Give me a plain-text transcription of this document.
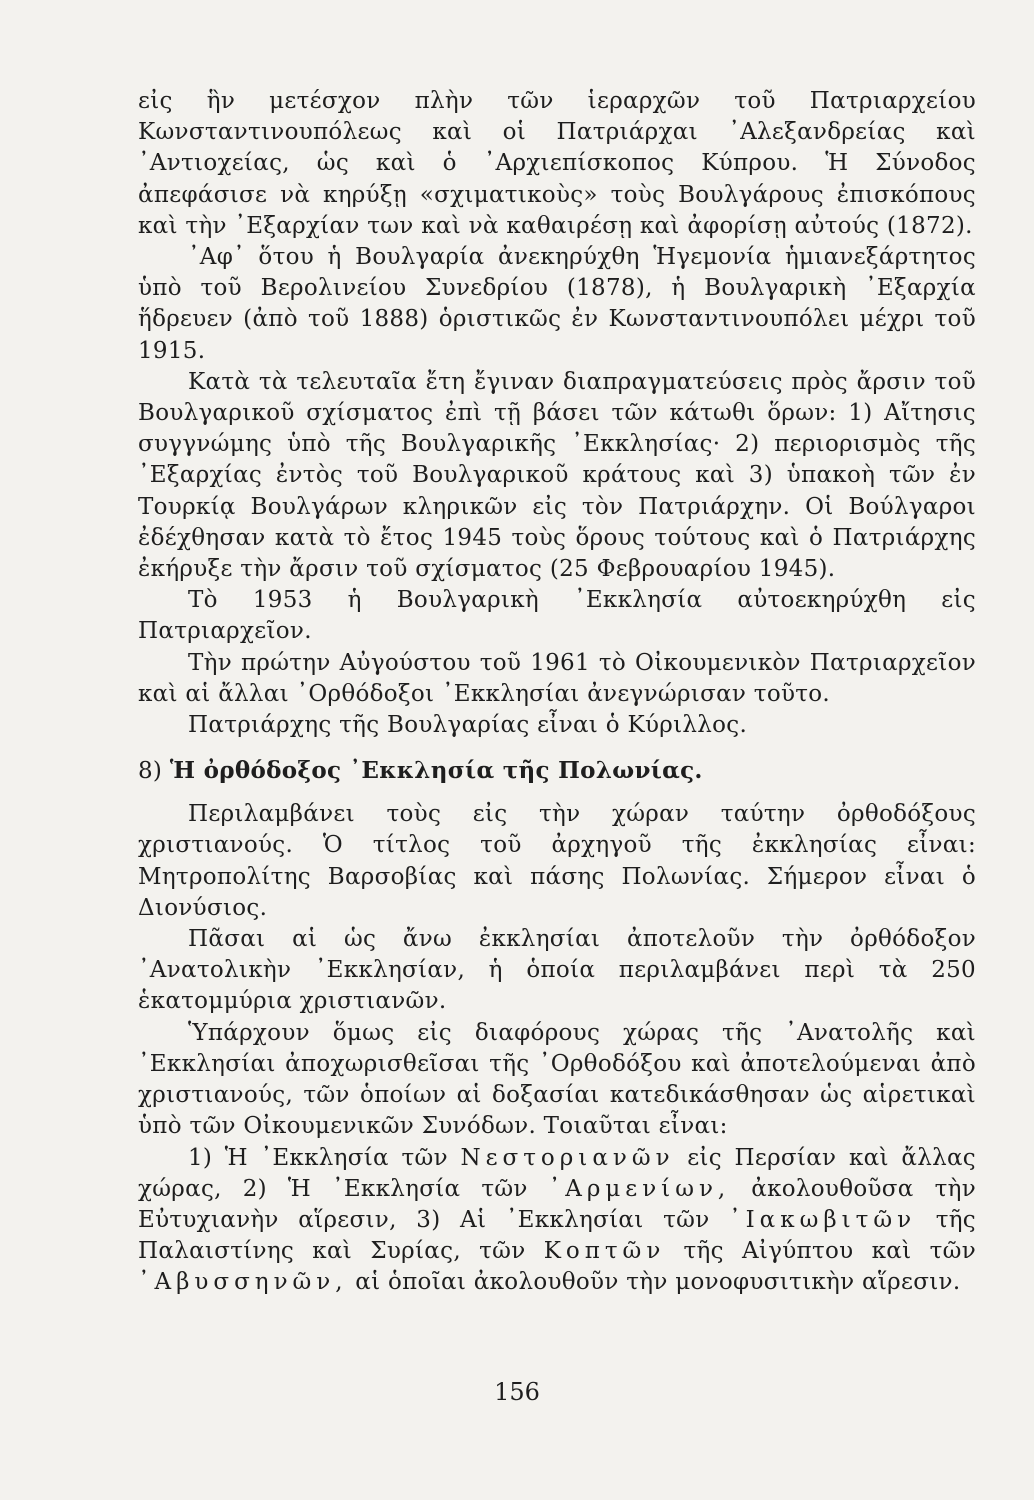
εἰς ἣν μετέσχον πλὴν τῶν ἱεραρχῶν τοῦ Πατριαρχείου Κωνσταντινουπόλεως καὶ οἱ Πατριάρχαι ᾿Αλεξανδρείας καὶ ᾿Αντιοχείας, ὡς καὶ ὁ ᾿Αρχιεπίσκοπος Κύπρου. Ἡ Σύνοδος ἀπεφάσισε νὰ κηρύξῃ «σχιματικοὺς» τοὺς Βουλγάρους ἐπισκόπους καὶ τὴν ᾿Εξαρχίαν των καὶ νὰ καθαιρέσῃ καὶ ἀφορίσῃ αὐτούς (1872).

᾿Αφ᾿ ὅτου ἡ Βουλγαρία ἀνεκηρύχθη Ἡγεμονία ἡμιανεξάρτητος ὑπὸ τοῦ Βερολινείου Συνεδρίου (1878), ἡ Βουλγαρικὴ ᾿Εξαρχία ἥδρευεν (ἀπὸ τοῦ 1888) ὁριστικῶς ἐν Κωνσταντινουπόλει μέχρι τοῦ 1915.

Κατὰ τὰ τελευταῖα ἔτη ἔγιναν διαπραγματεύσεις πρὸς ἄρσιν τοῦ Βουλγαρικοῦ σχίσματος ἐπὶ τῇ βάσει τῶν κάτωθι ὅρων: 1) Αἴτησις συγγνώμης ὑπὸ τῆς Βουλγαρικῆς ᾿Εκκλησίας· 2) περιορισμὸς τῆς ᾿Εξαρχίας ἐντὸς τοῦ Βουλγαρικοῦ κράτους καὶ 3) ὑπακοὴ τῶν ἐν Τουρκίᾳ Βουλγάρων κληρικῶν εἰς τὸν Πατριάρχην. Οἱ Βούλγαροι ἐδέχθησαν κατὰ τὸ ἔτος 1945 τοὺς ὅρους τούτους καὶ ὁ Πατριάρχης ἐκήρυξε τὴν ἄρσιν τοῦ σχίσματος (25 Φεβρουαρίου 1945).

Τὸ 1953 ἡ Βουλγαρικὴ ᾿Εκκλησία αὐτοεκηρύχθη εἰς Πατριαρχεῖον.

Τὴν πρώτην Αὐγούστου τοῦ 1961 τὸ Οἰκουμενικὸν Πατριαρχεῖον καὶ αἱ ἄλλαι ᾿Ορθόδοξοι ᾿Εκκλησίαι ἀνεγνώρισαν τοῦτο.

Πατριάρχης τῆς Βουλγαρίας εἶναι ὁ Κύριλλος.

8) Ἡ ὀρθόδοξος ᾿Εκκλησία τῆς Πολωνίας.

Περιλαμβάνει τοὺς εἰς τὴν χώραν ταύτην ὀρθοδόξους χριστιανούς. Ὁ τίτλος τοῦ ἀρχηγοῦ τῆς ἐκκλησίας εἶναι: Μητροπολίτης Βαρσοβίας καὶ πάσης Πολωνίας. Σήμερον εἶναι ὁ Διονύσιος.

Πᾶσαι αἱ ὡς ἄνω ἐκκλησίαι ἀποτελοῦν τὴν ὀρθόδοξον ᾿Ανατολικὴν ᾿Εκκλησίαν, ἡ ὁποία περιλαμβάνει περὶ τὰ 250 ἑκατομμύρια χριστιανῶν.

Ὑπάρχουν ὅμως εἰς διαφόρους χώρας τῆς ᾿Ανατολῆς καὶ ᾿Εκκλησίαι ἀποχωρισθεῖσαι τῆς ᾿Ορθοδόξου καὶ ἀποτελούμεναι ἀπὸ χριστιανούς, τῶν ὁποίων αἱ δοξασίαι κατεδικάσθησαν ὡς αἱρετικαὶ ὑπὸ τῶν Οἰκουμενικῶν Συνόδων. Τοιαῦται εἶναι:

1) Ἡ ᾿Εκκλησία τῶν Νεστοριανῶν εἰς Περσίαν καὶ ἄλλας χώρας, 2) Ἡ ᾿Εκκλησία τῶν ᾿Αρμενίων, ἀκολουθοῦσα τὴν Εὐτυχιανὴν αἵρεσιν, 3) Αἱ ᾿Εκκλησίαι τῶν ᾿Ιακωβιτῶν τῆς Παλαιστίνης καὶ Συρίας, τῶν Κοπτῶν τῆς Αἰγύπτου καὶ τῶν ᾿Αβυσσηνῶν, αἱ ὁποῖαι ἀκολουθοῦν τὴν μονοφυσιτικὴν αἵρεσιν.

156
